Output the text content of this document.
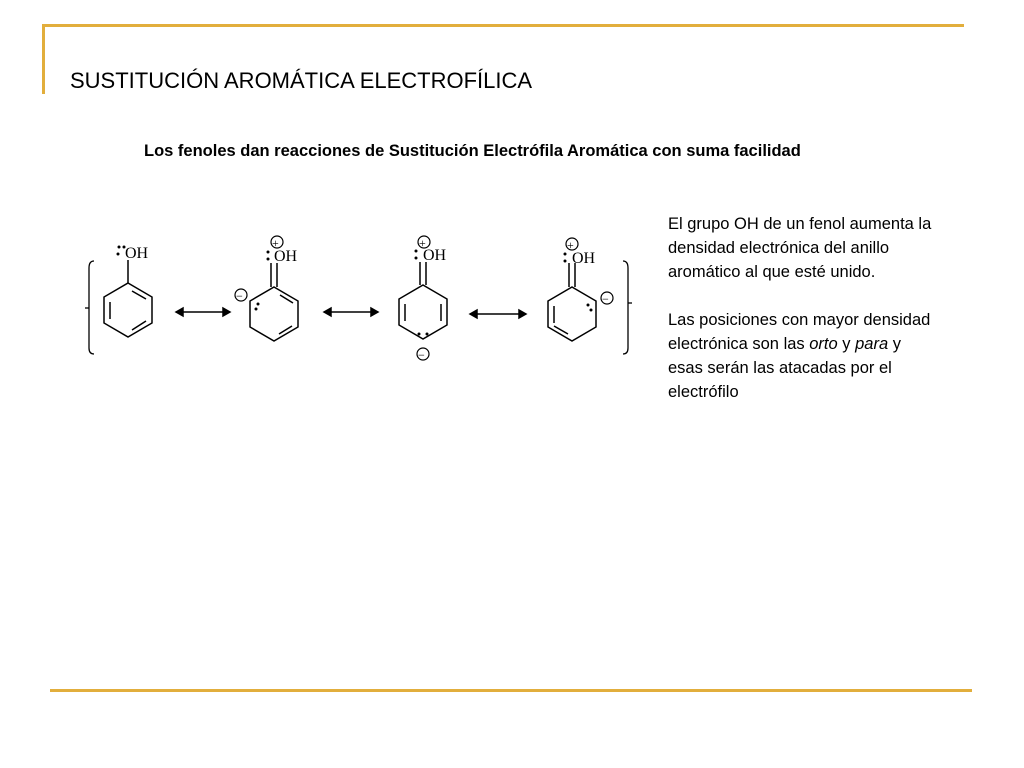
SUSTITUCIÓN AROMÁTICA ELECTROFÍLICA
Los fenoles dan reacciones de Sustitución Electrófila Aromática con suma facilidad
OH
+
OH
−
+
OH
−
+
OH
−

El grupo OH de un fenol aumenta la densidad electrónica del anillo aromático al que esté unido.

Las posiciones con mayor densidad electrónica son las orto y para y esas serán las atacadas por el electrófilo
